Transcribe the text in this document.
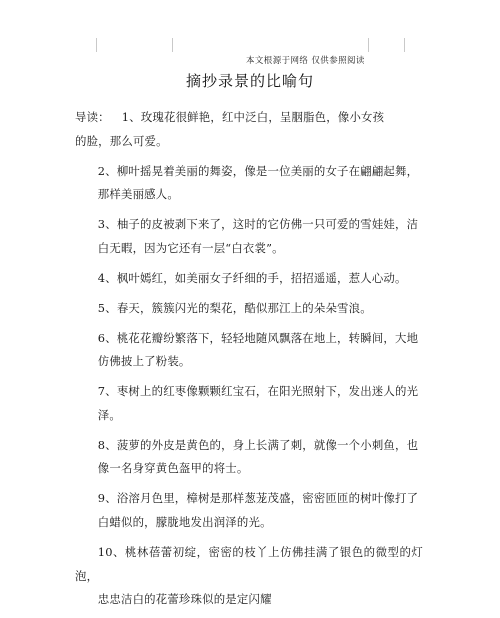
本文根源于网络 仅供参照阅读
摘抄录景的比喻句

导读： 1、玫瑰花很鲜艳，红中泛白，呈胭脂色，像小女孩
的脸，那么可爱。

2、柳叶摇晃着美丽的舞姿，像是一位美丽的女子在翩翩起舞，
那样美丽感人。

3、柚子的皮被剥下来了，这时的它仿佛一只可爱的雪娃娃，洁
白无暇，因为它还有一层“白衣裳”。

4、枫叶嫣红，如美丽女子纤细的手，招招遥遥，惹人心动。

5、春天，簇簇闪光的梨花，酷似那江上的朵朵雪浪。

6、桃花花瓣纷繁落下，轻轻地随风飘落在地上，转瞬间，大地
仿佛披上了粉装。

7、枣树上的红枣像颗颗红宝石，在阳光照射下，发出迷人的光
泽。

8、菠萝的外皮是黄色的，身上长满了刺，就像一个小刺鱼，也
像一名身穿黄色盔甲的将士。

9、浴溶月色里，樟树是那样葱茏茂盛，密密匝匝的树叶像打了
白蜡似的，朦胧地发出润泽的光。

10、桃林蓓蕾初绽，密密的枝丫上仿佛挂满了银色的微型的灯泡，
忠忠洁白的花蕾珍珠似的是定闪耀
